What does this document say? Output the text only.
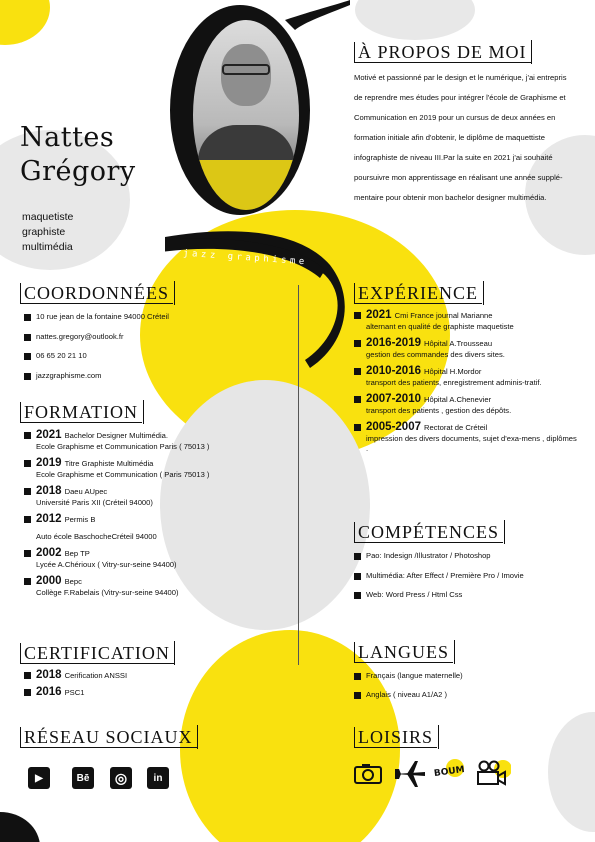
jazz graphisme
Nattes
Grégory
maquetiste
graphiste
multimédia
À PROPOS DE MOI
Motivé et passionné par le design et le numérique, j'ai entrepris de reprendre mes études pour intégrer l'école de Graphisme et Communication en 2019 pour un cursus de deux années en formation initiale afin d'obtenir, le diplôme de maquettiste infographiste de niveau III.Par la suite en 2021 j'ai souhaité poursuivre mon apprentissage en réalisant une année supplé-mentaire pour obtenir mon bachelor designer multimédia.
COORDONNÉES
10 rue jean de la fontaine 94000 Créteil
nattes.gregory@outlook.fr
06 65 20 21 10
jazzgraphisme.com
FORMATION
2021 Bachelor Designer Multimédia.
Ecole Graphisme et Communication Paris ( 75013 )
2019 Titre Graphiste Multimédia
Ecole Graphisme et Communication ( Paris 75013 )
2018 Daeu AUpec
Université Paris XII (Créteil 94000)
2012 Permis B
Auto école BaschocheCréteil 94000
2002 Bep TP
Lycée A.Chérioux ( Vitry-sur-seine 94400)
2000 Bepc
Collège F.Rabelais (Vitry-sur-seine 94400)
CERTIFICATION
2018 Cerification ANSSI
2016 PSC1
RÉSEAU SOCIAUX
▶	Bē ◎	in
EXPÉRIENCE
2021 Cmi France journal Marianne
alternant en qualité de graphiste maquetiste
2016-2019 Hôpital A.Trousseau
gestion des commandes des divers sites.
2010-2016 Hôpital H.Mordor
transport des patients, enregistrement adminis-tratif.
2007-2010 Hôpital A.Chenevier
transport des patients , gestion des dépôts.
2005-2007 Rectorat de Créteil
impression des divers documents, sujet d'exa-mens , diplômes .
COMPÉTENCES
Pao: Indesign /Illustrator / Photoshop
Multimédia: After Effect / Première Pro / Imovie
Web: Word Press / Html Css
LANGUES
Français (langue maternelle)
Anglais ( niveau A1/A2 )
LOISIRS
BOUM
